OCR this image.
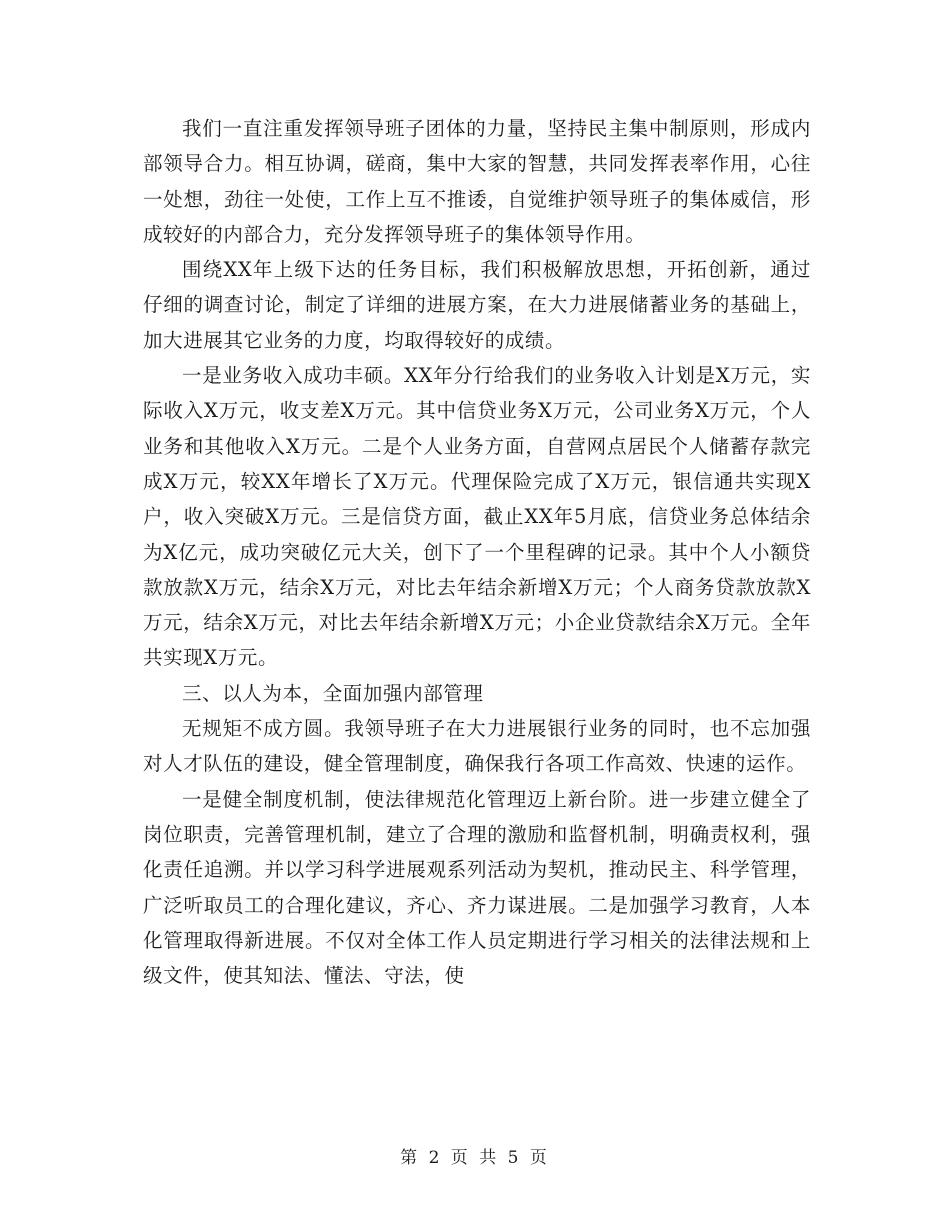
我们一直注重发挥领导班子团体的力量，坚持民主集中制原则，形成内部领导合力。相互协调，磋商，集中大家的智慧，共同发挥表率作用，心往一处想，劲往一处使，工作上互不推诿，自觉维护领导班子的集体威信，形成较好的内部合力，充分发挥领导班子的集体领导作用。

围绕XX年上级下达的任务目标，我们积极解放思想，开拓创新，通过仔细的调查讨论，制定了详细的进展方案，在大力进展储蓄业务的基础上，加大进展其它业务的力度，均取得较好的成绩。

一是业务收入成功丰硕。XX年分行给我们的业务收入计划是X万元，实际收入X万元，收支差X万元。其中信贷业务X万元，公司业务X万元，个人业务和其他收入X万元。二是个人业务方面，自营网点居民个人储蓄存款完成X万元，较XX年增长了X万元。代理保险完成了X万元，银信通共实现X户，收入突破X万元。三是信贷方面，截止XX年5月底，信贷业务总体结余为X亿元，成功突破亿元大关，创下了一个里程碑的记录。其中个人小额贷款放款X万元，结余X万元，对比去年结余新增X万元；个人商务贷款放款X万元，结余X万元，对比去年结余新增X万元；小企业贷款结余X万元。全年共实现X万元。

三、以人为本，全面加强内部管理

无规矩不成方圆。我领导班子在大力进展银行业务的同时，也不忘加强对人才队伍的建设，健全管理制度，确保我行各项工作高效、快速的运作。

一是健全制度机制，使法律规范化管理迈上新台阶。进一步建立健全了岗位职责，完善管理机制，建立了合理的激励和监督机制，明确责权利，强化责任追溯。并以学习科学进展观系列活动为契机，推动民主、科学管理，广泛听取员工的合理化建议，齐心、齐力谋进展。二是加强学习教育，人本化管理取得新进展。不仅对全体工作人员定期进行学习相关的法律法规和上级文件，使其知法、懂法、守法，使

第 2 页 共 5 页
